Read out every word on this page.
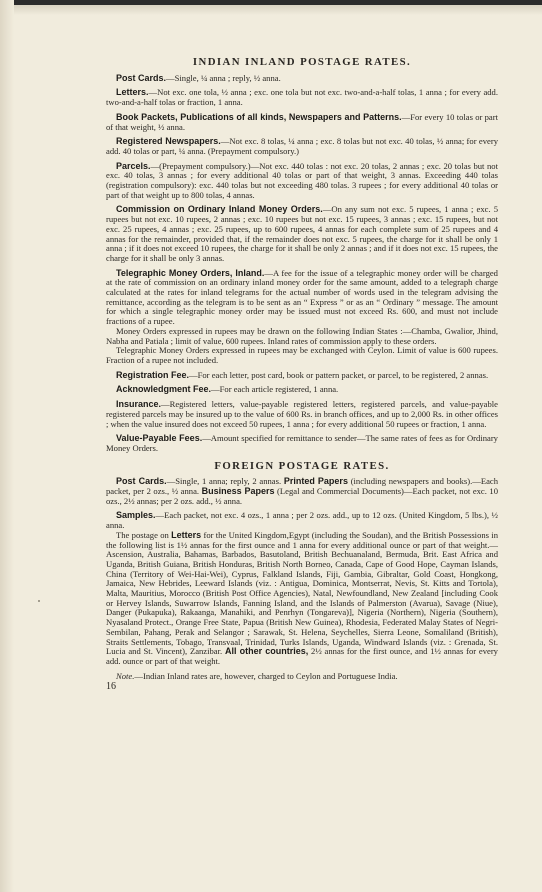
INDIAN INLAND POSTAGE RATES.

Post Cards.—Single, ¼ anna ; reply, ½ anna.

Letters.—Not exc. one tola, ½ anna ; exc. one tola but not exc. two-and-a-half tolas, 1 anna ; for every add. two-and-a-half tolas or fraction, 1 anna.

Book Packets, Publications of all kinds, Newspapers and Patterns.—For every 10 tolas or part of that weight, ½ anna.

Registered Newspapers.—Not exc. 8 tolas, ¼ anna ; exc. 8 tolas but not exc. 40 tolas, ½ anna; for every add. 40 tolas or part, ¼ anna. (Prepayment compulsory.)

Parcels.—(Prepayment compulsory.)—Not exc. 440 tolas : not exc. 20 tolas, 2 annas ; exc. 20 tolas but not exc. 40 tolas, 3 annas ; for every additional 40 tolas or part of that weight, 3 annas. Exceeding 440 tolas (registration compulsory): exc. 440 tolas but not exceeding 480 tolas. 3 rupees ; for every additional 40 tolas or part of that weight up to 800 tolas, 4 annas.

Commission on Ordinary Inland Money Orders.—On any sum not exc. 5 rupees, 1 anna ; exc. 5 rupees but not exc. 10 rupees, 2 annas ; exc. 10 rupees but not exc. 15 rupees, 3 annas ; exc. 15 rupees, but not exc. 25 rupees, 4 annas ; exc. 25 rupees, up to 600 rupees, 4 annas for each complete sum of 25 rupees and 4 annas for the remainder, provided that, if the remainder does not exc. 5 rupees, the charge for it shall be only 1 anna ; if it does not exceed 10 rupees, the charge for it shall be only 2 annas ; and if it does not exc. 15 rupees, the charge for it shall be only 3 annas.

Telegraphic Money Orders, Inland.—A fee for the issue of a telegraphic money order will be charged at the rate of commission on an ordinary inland money order for the same amount, added to a telegraph charge calculated at the rates for inland telegrams for the actual number of words used in the telegram advising the remittance, according as the telegram is to be sent as an “ Express ” or as an “ Ordinary ” message. The amount for which a single telegraphic money order may be issued must not exceed Rs. 600, and must not include fractions of a rupee.

Money Orders expressed in rupees may be drawn on the following Indian States :—Chamba, Gwalior, Jhind, Nabha and Patiala ; limit of value, 600 rupees. Inland rates of commission apply to these orders.

Telegraphic Money Orders expressed in rupees may be exchanged with Ceylon. Limit of value is 600 rupees. Fraction of a rupee not included.

Registration Fee.—For each letter, post card, book or pattern packet, or parcel, to be registered, 2 annas.

Acknowledgment Fee.—For each article registered, 1 anna.

Insurance.—Registered letters, value-payable registered letters, registered parcels, and value-payable registered parcels may be insured up to the value of 600 Rs. in branch offices, and up to 2,000 Rs. in other offices ; when the value insured does not exceed 50 rupees, 1 anna ; for every additional 50 rupees or fraction, 1 anna.

Value-Payable Fees.—Amount specified for remittance to sender—The same rates of fees as for Ordinary Money Orders.

FOREIGN POSTAGE RATES.

Post Cards.—Single, 1 anna; reply, 2 annas. Printed Papers (including newspapers and books).—Each packet, per 2 ozs., ½ anna. Business Papers (Legal and Commercial Documents)—Each packet, not exc. 10 ozs., 2½ annas; per 2 ozs. add., ½ anna.

Samples.—Each packet, not exc. 4 ozs., 1 anna ; per 2 ozs. add., up to 12 ozs. (United Kingdom, 5 lbs.), ½ anna.

The postage on Letters for the United Kingdom,Egypt (including the Soudan), and the British Possessions in the following list is 1½ annas for the first ounce and 1 anna for every additional ounce or part of that weight.—Ascension, Australia, Bahamas, Barbados, Basutoland, British Bechuanaland, Bermuda, Brit. East Africa and Uganda, British Guiana, British Honduras, British North Borneo, Canada, Cape of Good Hope, Cayman Islands, China (Territory of Wei-Hai-Wei), Cyprus, Falkland Islands, Fiji, Gambia, Gibraltar, Gold Coast, Hongkong, Jamaica, New Hebrides, Leeward Islands (viz. : Antigua, Dominica, Montserrat, Nevis, St. Kitts and Tortola), Malta, Mauritius, Morocco (British Post Office Agencies), Natal, Newfoundland, New Zealand [including Cook or Hervey Islands, Suwarrow Islands, Fanning Island, and the Islands of Palmerston (Avarua), Savage (Niue), Danger (Pukapuka), Rakaanga, Manahiki, and Penrhyn (Tongareva)], Nigeria (Northern), Nigeria (Southern), Nyasaland Protect., Orange Free State, Papua (British New Guinea), Rhodesia, Federated Malay States of Negri-Sembilan, Pahang, Perak and Selangor ; Sarawak, St. Helena, Seychelles, Sierra Leone, Somaliland (British), Straits Settlements, Tobago, Transvaal, Trinidad, Turks Islands, Uganda, Windward Islands (viz. : Grenada, St. Lucia and St. Vincent), Zanzibar. All other countries, 2½ annas for the first ounce, and 1½ annas for every add. ounce or part of that weight.

Note.—Indian Inland rates are, however, charged to Ceylon and Portuguese India.

16
